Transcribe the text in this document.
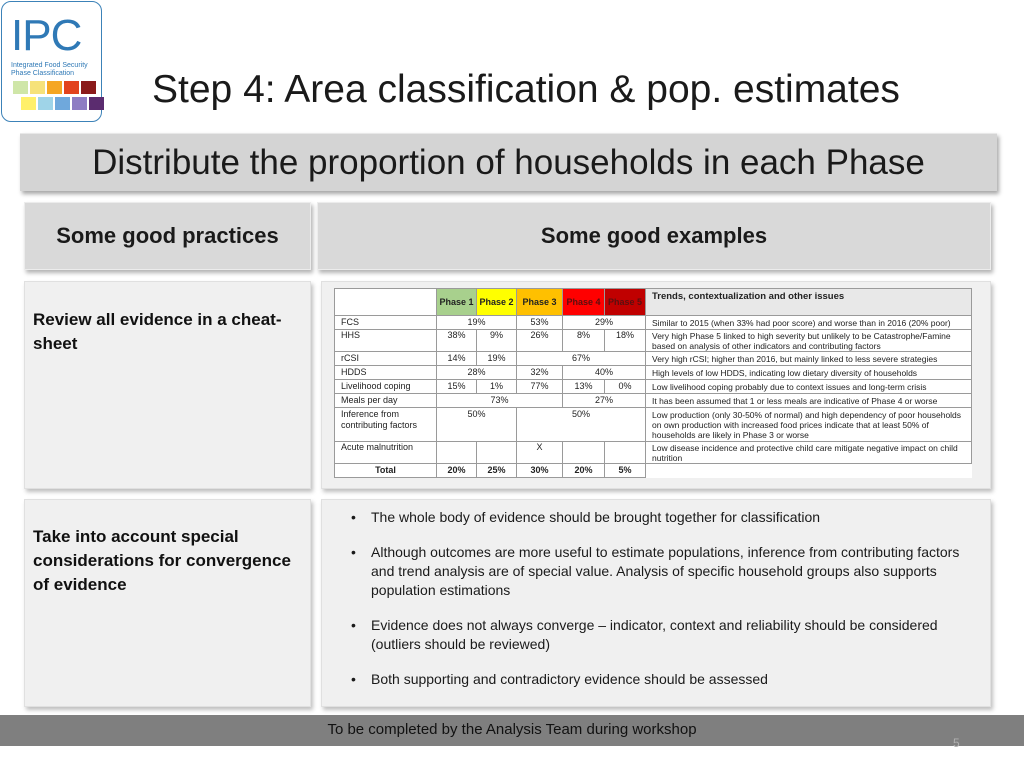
IPC
Integrated Food Security Phase Classification	Step 4: Area classification & pop. estimates
Distribute the proportion of households in each Phase
Some good practices	Some good examples
Review all evidence in a cheat-sheet
	Phase 1	Phase 2	Phase 3	Phase 4	Phase 5	Trends, contextualization and other issues
FCS	19%		53%	29%		Similar to 2015 (when 33% had poor score) and worse than in 2016 (20% poor)
HHS	38%	9%	26%	8%	18%	Very high Phase 5 linked to high severity but unlikely to be Catastrophe/Famine based on analysis of other indicators and contributing factors
rCSI	14%	19%	67%			Very high rCSI; higher than 2016, but mainly linked to less severe strategies
HDDS	28%		32%	40%		High levels of low HDDS, indicating low dietary diversity of households
Livelihood coping	15%	1%	77%	13%	0%	Low livelihood coping probably due to context issues and long-term crisis
Meals per day	73%			27%		It has been assumed that 1 or less meals are indicative of Phase 4 or worse
Inference from contributing factors	50%		50%			Low production (only 30-50% of normal) and high dependency of poor households on own production with increased food prices indicate that at least 50% of households are likely in Phase 3 or worse
Acute malnutrition			X			Low disease incidence and protective child care mitigate negative impact on child nutrition
Total	20%	25%	30%	20%	5%	
Take into account special considerations for convergence of evidence
• The whole body of evidence should be brought together for classification
• Although outcomes are more useful to estimate populations, inference from contributing factors and trend analysis are of special value. Analysis of specific household groups also supports population estimations
• Evidence does not always converge – indicator, context and reliability should be considered (outliers should be reviewed)
• Both supporting and contradictory evidence should be assessed
To be completed by the Analysis Team during workshop
5
